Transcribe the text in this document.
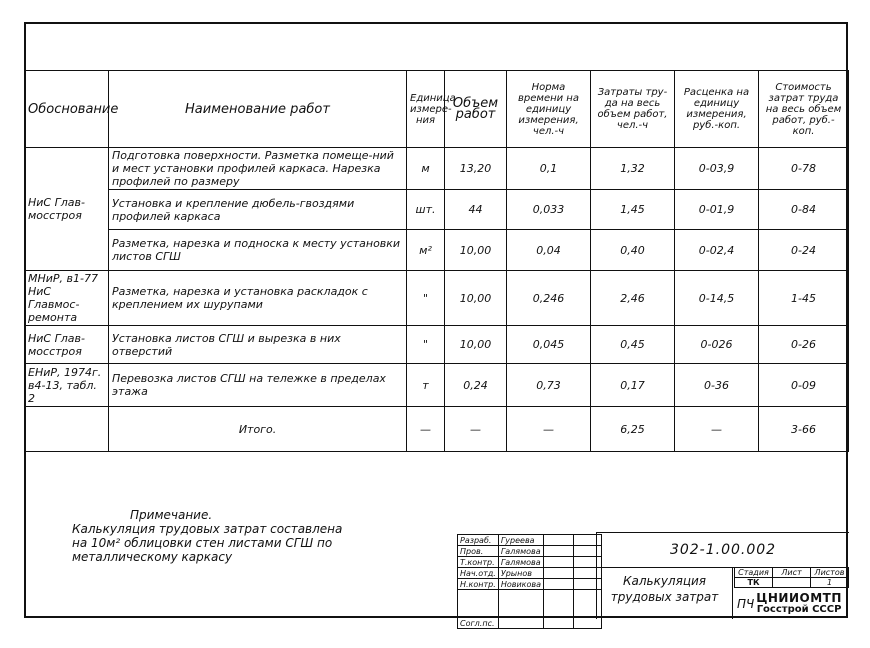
Обоснование	Наименование работ	Единица измере-ния	Объем работ	Норма времени на единицу измерения, чел.-ч	Затраты тру-да на весь объем работ, чел.-ч	Расценка на единицу измерения, руб.-коп.	Стоимость затрат труда на весь объем работ, руб.-коп.
НиС Глав-мосстроя	Подготовка поверхности. Разметка помеще-ний и мест установки профилей каркаса. Нарезка профилей по размеру	м	13,20	0,1	1,32	0-03,9	0-78
	Установка и крепление дюбель-гвоздями профилей каркаса	шт.	44	0,033	1,45	0-01,9	0-84
	Разметка, нарезка и поднoска к месту установки листов СГШ	м²	10,00	0,04	0,40	0-02,4	0-24
МНиР, в1-77 НиС Главмос-ремонта	Разметка, нарезка и установка раскладок с креплением их шурупами	"	10,00	0,246	2,46	0-14,5	1-45
НиС Глав-мосстроя	Установка листов СГШ и вырезка в них отверстий	"	10,00	0,045	0,45	0-026	0-26
ЕНиР, 1974г. в4-13, табл. 2	Перевозка листов СГШ на тележке в пределах этажа	т	0,24	0,73	0,17	0-36	0-09
	Итого.	—	—	—	6,25	—	3-66
Примечание.
Калькуляция трудовых затрат составлена
на 10м² облицовки стен листами СГШ по
металлическому каркасу
Разраб.	Гуреева		
Пров.	Галямова		
Т.контр.	Галямова		
Нач.отд.	Урынов		
Н.контр.	Новикова		
Согл.пс.			
302-1.00.002
Калькуляция
трудовых затрат
Стадия	Лист	Листов
ТК		1
ПЧ ЦНИИОМТП
Госстрой СССР
